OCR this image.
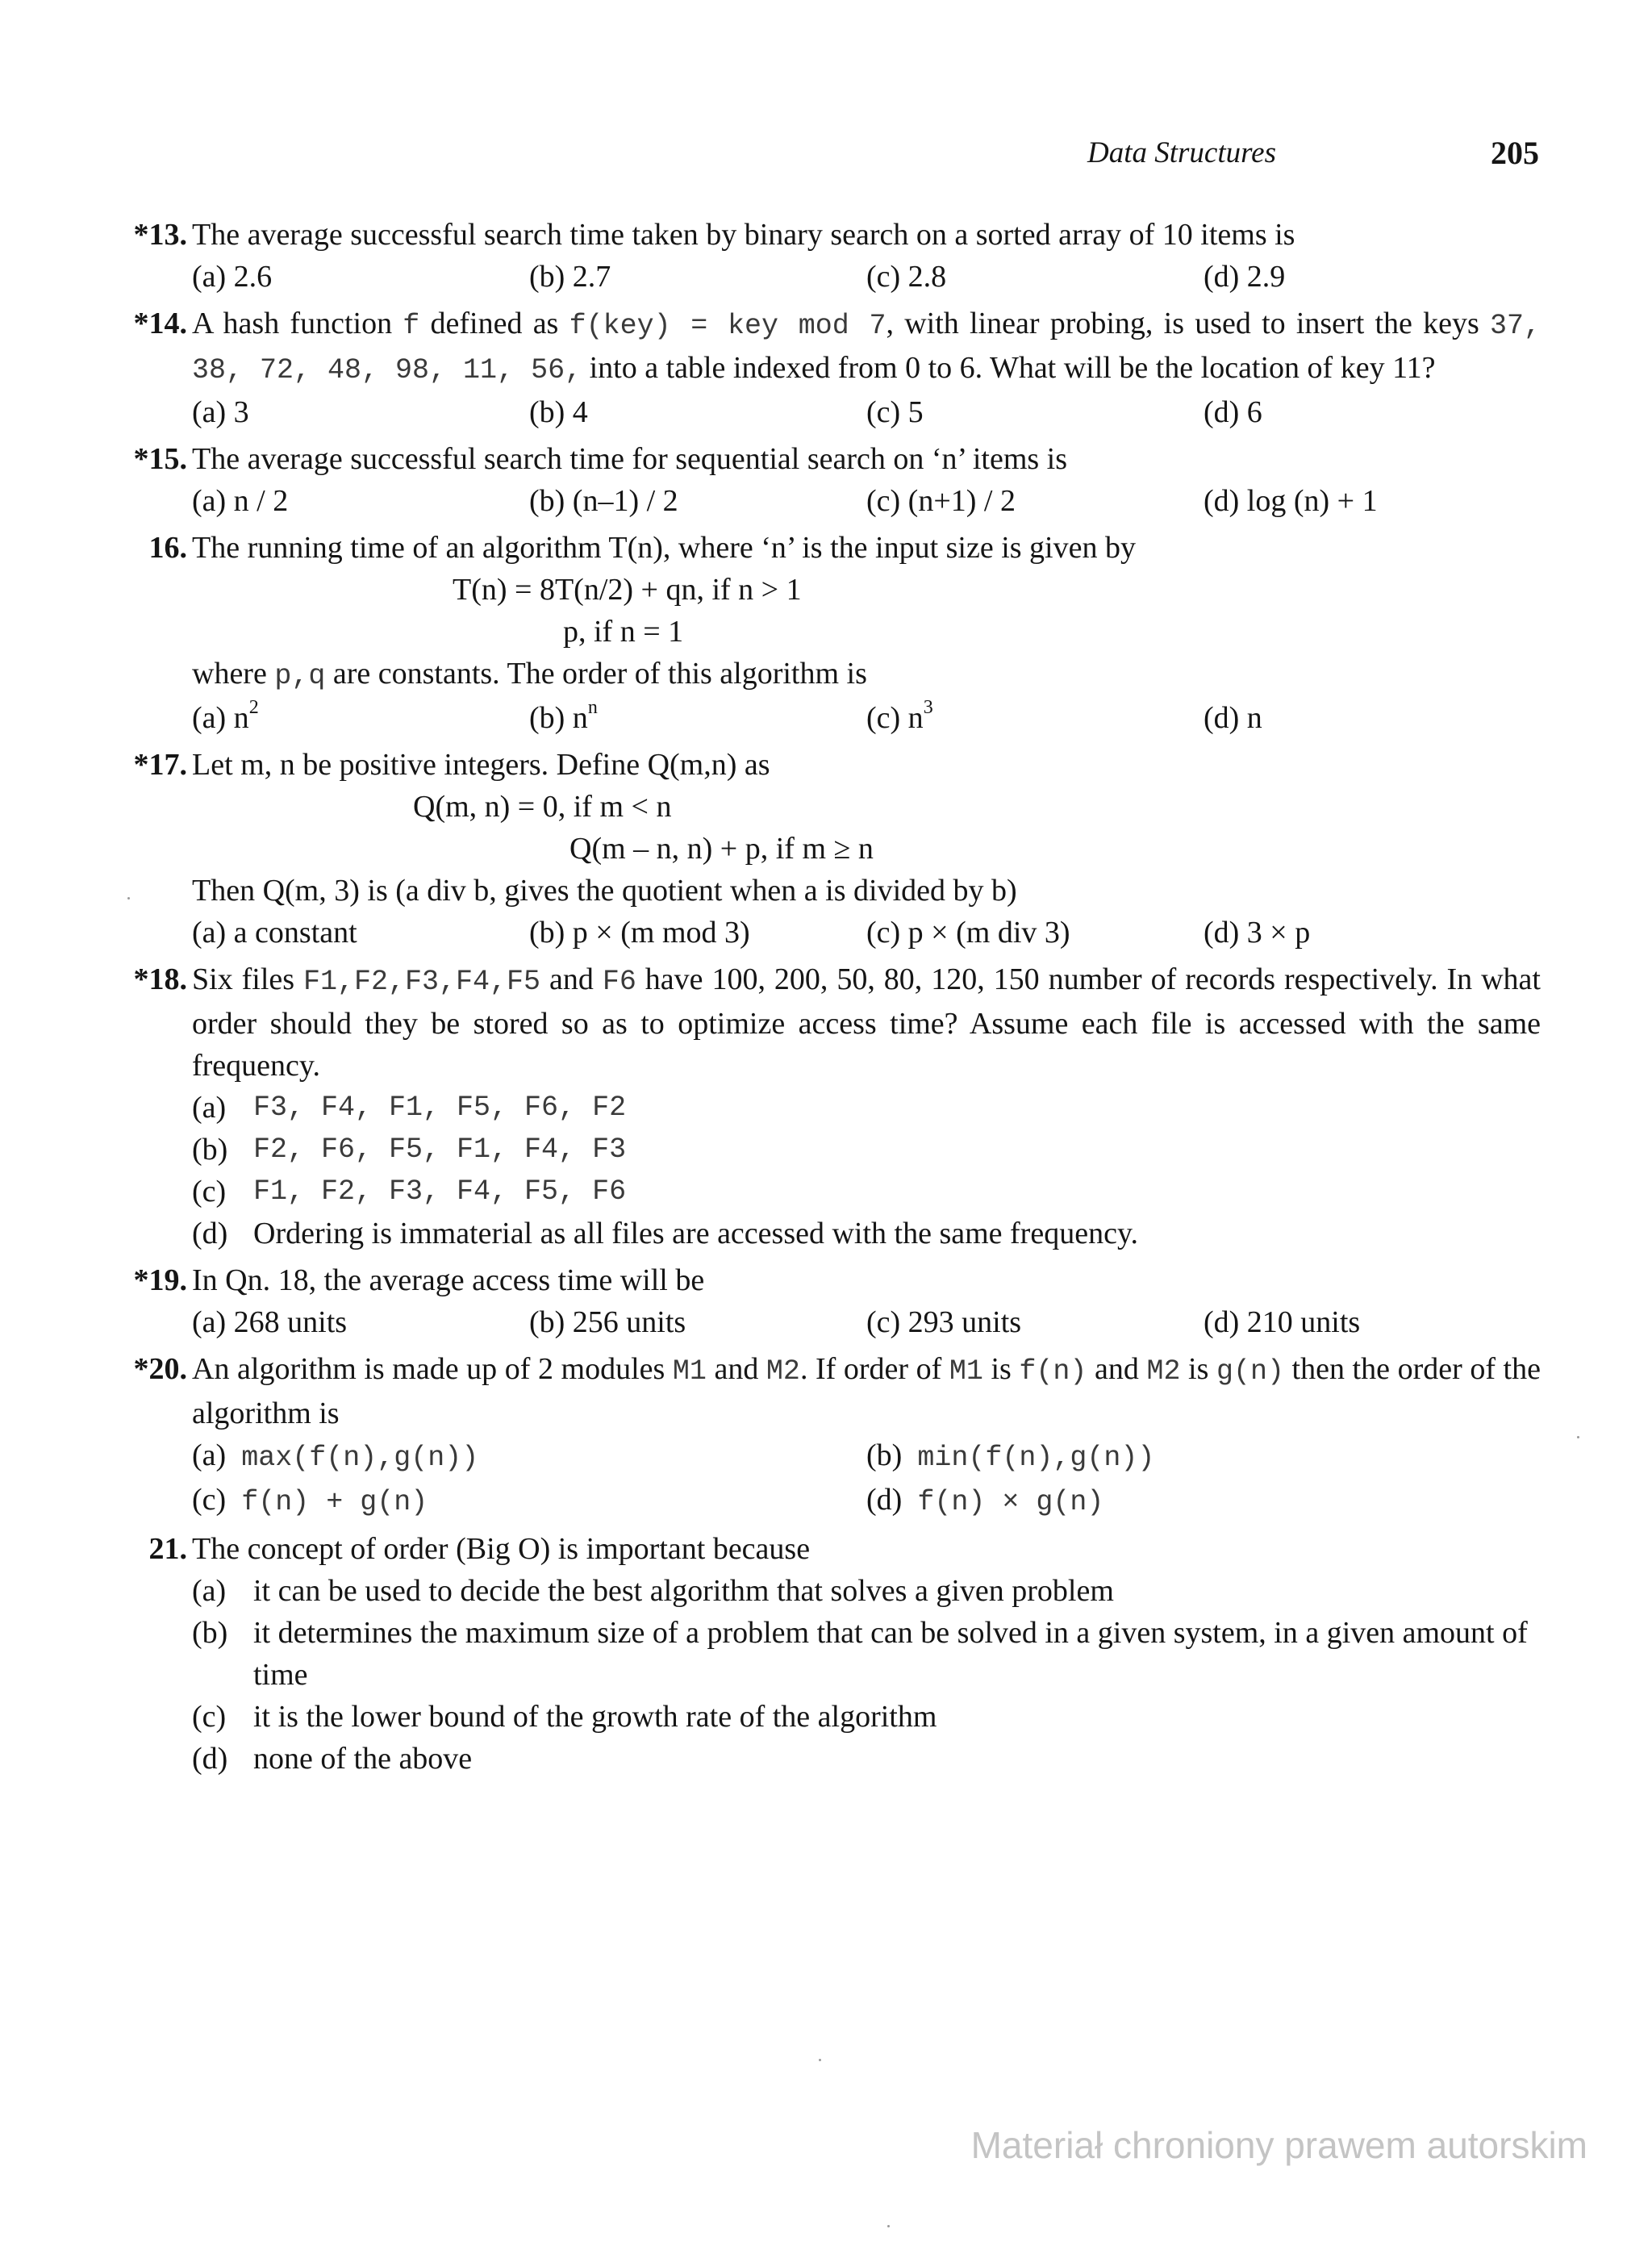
Data Structures	205
*13. The average successful search time taken by binary search on a sorted array of 10 items is
(a) 2.6	(b) 2.7	(c) 2.8	(d) 2.9
*14. A hash function f defined as f(key) = key mod 7, with linear probing, is used to insert the keys 37, 38, 72, 48, 98, 11, 56, into a table indexed from 0 to 6. What will be the location of key 11?
(a) 3	(b) 4	(c) 5	(d) 6
*15. The average successful search time for sequential search on ‘n’ items is
(a) n / 2	(b) (n–1) / 2	(c) (n+1) / 2	(d) log (n) + 1
16. The running time of an algorithm T(n), where ‘n’ is the input size is given by
T(n) = 8T(n/2) + qn, if n > 1
p, if n = 1
where p,q are constants. The order of this algorithm is
(a) $n^2$	(b) $n^n$	(c) $n^3$	(d) n
*17. Let m, n be positive integers. Define Q(m,n) as
Q(m, n) = 0, if m < n
Q(m – n, n) + p, if m ≥ n
Then Q(m, 3) is (a div b, gives the quotient when a is divided by b)
(a) a constant	(b) p × (m mod 3)	(c) p × (m div 3)	(d) 3 × p
*18. Six files F1,F2,F3,F4,F5 and F6 have 100, 200, 50, 80, 120, 150 number of records respectively. In what order should they be stored so as to optimize access time? Assume each file is accessed with the same frequency.
(a) F3, F4, F1, F5, F6, F2
(b) F2, F6, F5, F1, F4, F3
(c) F1, F2, F3, F4, F5, F6
(d) Ordering is immaterial as all files are accessed with the same frequency.
*19. In Qn. 18, the average access time will be
(a) 268 units	(b) 256 units	(c) 293 units	(d) 210 units
*20. An algorithm is made up of 2 modules M1 and M2. If order of M1 is f(n) and M2 is g(n) then the order of the algorithm is
(a) max(f(n),g(n))	(b) min(f(n),g(n))
(c) f(n) + g(n)	(d) f(n) × g(n)
21. The concept of order (Big O) is important because
(a) it can be used to decide the best algorithm that solves a given problem
(b) it determines the maximum size of a problem that can be solved in a given system, in a given amount of time
(c) it is the lower bound of the growth rate of the algorithm
(d) none of the above
Materiał chroniony prawem autorskim
